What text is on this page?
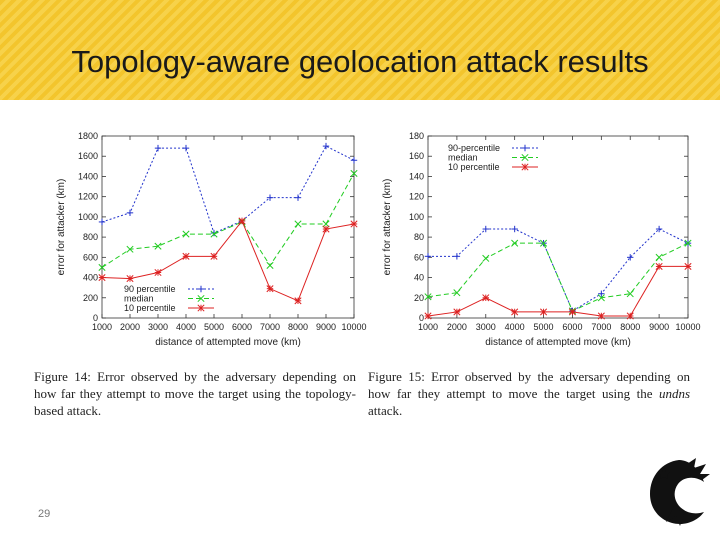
Topology-aware geolocation attack results
0
200
400
600
800
1000
1200
1400
1600
1800
1000 2000 3000 4000 5000 6000 7000 8000 9000 10000
distance of attempted move (km)
error for attacker (km)
90 percentile
median
10 percentile
0
20
40
60
80
100
120
140
160
180
1000 2000 3000 4000 5000 6000 7000 8000 9000 10000
distance of attempted move (km)
error for attacker (km)
90-percentile
median
10 percentile
Figure 14: Error observed by the adversary depending on how far they attempt to move the target using the topology-based attack.
Figure 15: Error observed by the adversary depending on how far they attempt to move the target using the undns attack.
29
